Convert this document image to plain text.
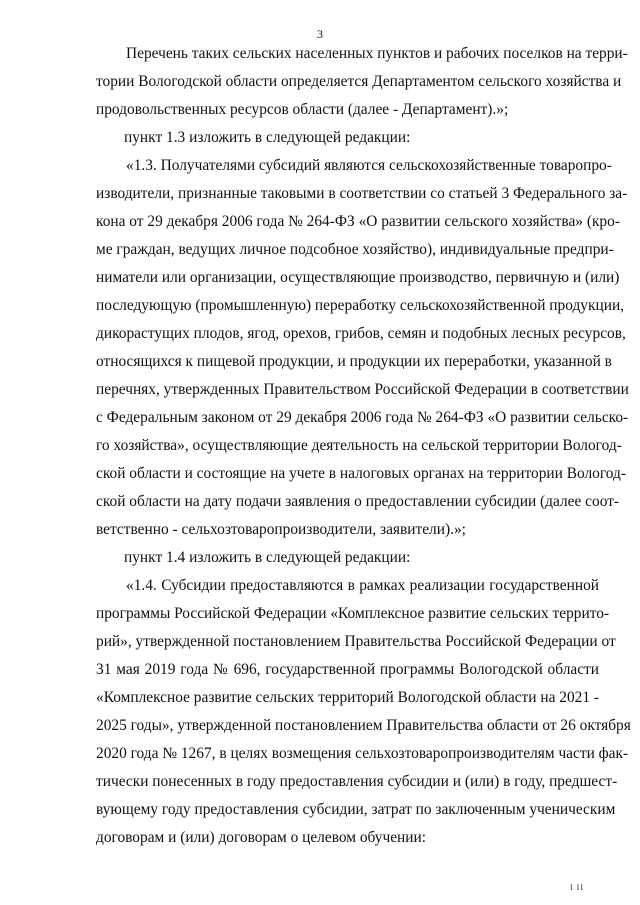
3
Перечень таких сельских населенных пунктов и рабочих поселков на терри-
тории Вологодской области определяется Департаментом сельского хозяйства и
продовольственных ресурсов области (далее - Департамент).»;
пункт 1.3 изложить в следующей редакции:
«1.3. Получателями субсидий являются сельскохозяйственные товаропро-
изводители, признанные таковыми в соответствии со статьей 3 Федерального за-
кона от 29 декабря 2006 года № 264-ФЗ «О развитии сельского хозяйства» (кро-
ме граждан, ведущих личное подсобное хозяйство), индивидуальные предпри-
ниматели или организации, осуществляющие производство, первичную и (или)
последующую (промышленную) переработку сельскохозяйственной продукции,
дикорастущих плодов, ягод, орехов, грибов, семян и подобных лесных ресурсов,
относящихся к пищевой продукции, и продукции их переработки, указанной в
перечнях, утвержденных Правительством Российской Федерации в соответствии
с Федеральным законом от 29 декабря 2006 года № 264-ФЗ «О развитии сельско-
го хозяйства», осуществляющие деятельность на сельской территории Вологод-
ской области и состоящие на учете в налоговых органах на территории Вологод-
ской области на дату подачи заявления о предоставлении субсидии (далее соот-
ветственно - сельхозтоваропроизводители, заявители).»;
пункт 1.4 изложить в следующей редакции:
«1.4. Субсидии предоставляются в рамках реализации государственной
программы Российской Федерации «Комплексное развитие сельских террито-
рий», утвержденной постановлением Правительства Российской Федерации от
31 мая 2019 года № 696, государственной программы Вологодской области
«Комплексное развитие сельских территорий Вологодской области на 2021 -
2025 годы», утвержденной постановлением Правительства области от 26 октября
2020 года № 1267, в целях возмещения сельхозтоваропроизводителям части фак-
тически понесенных в году предоставления субсидии и (или) в году, предшест-
вующему году предоставления субсидии, затрат по заключенным ученическим
договорам и (или) договорам о целевом обучении:
I II
